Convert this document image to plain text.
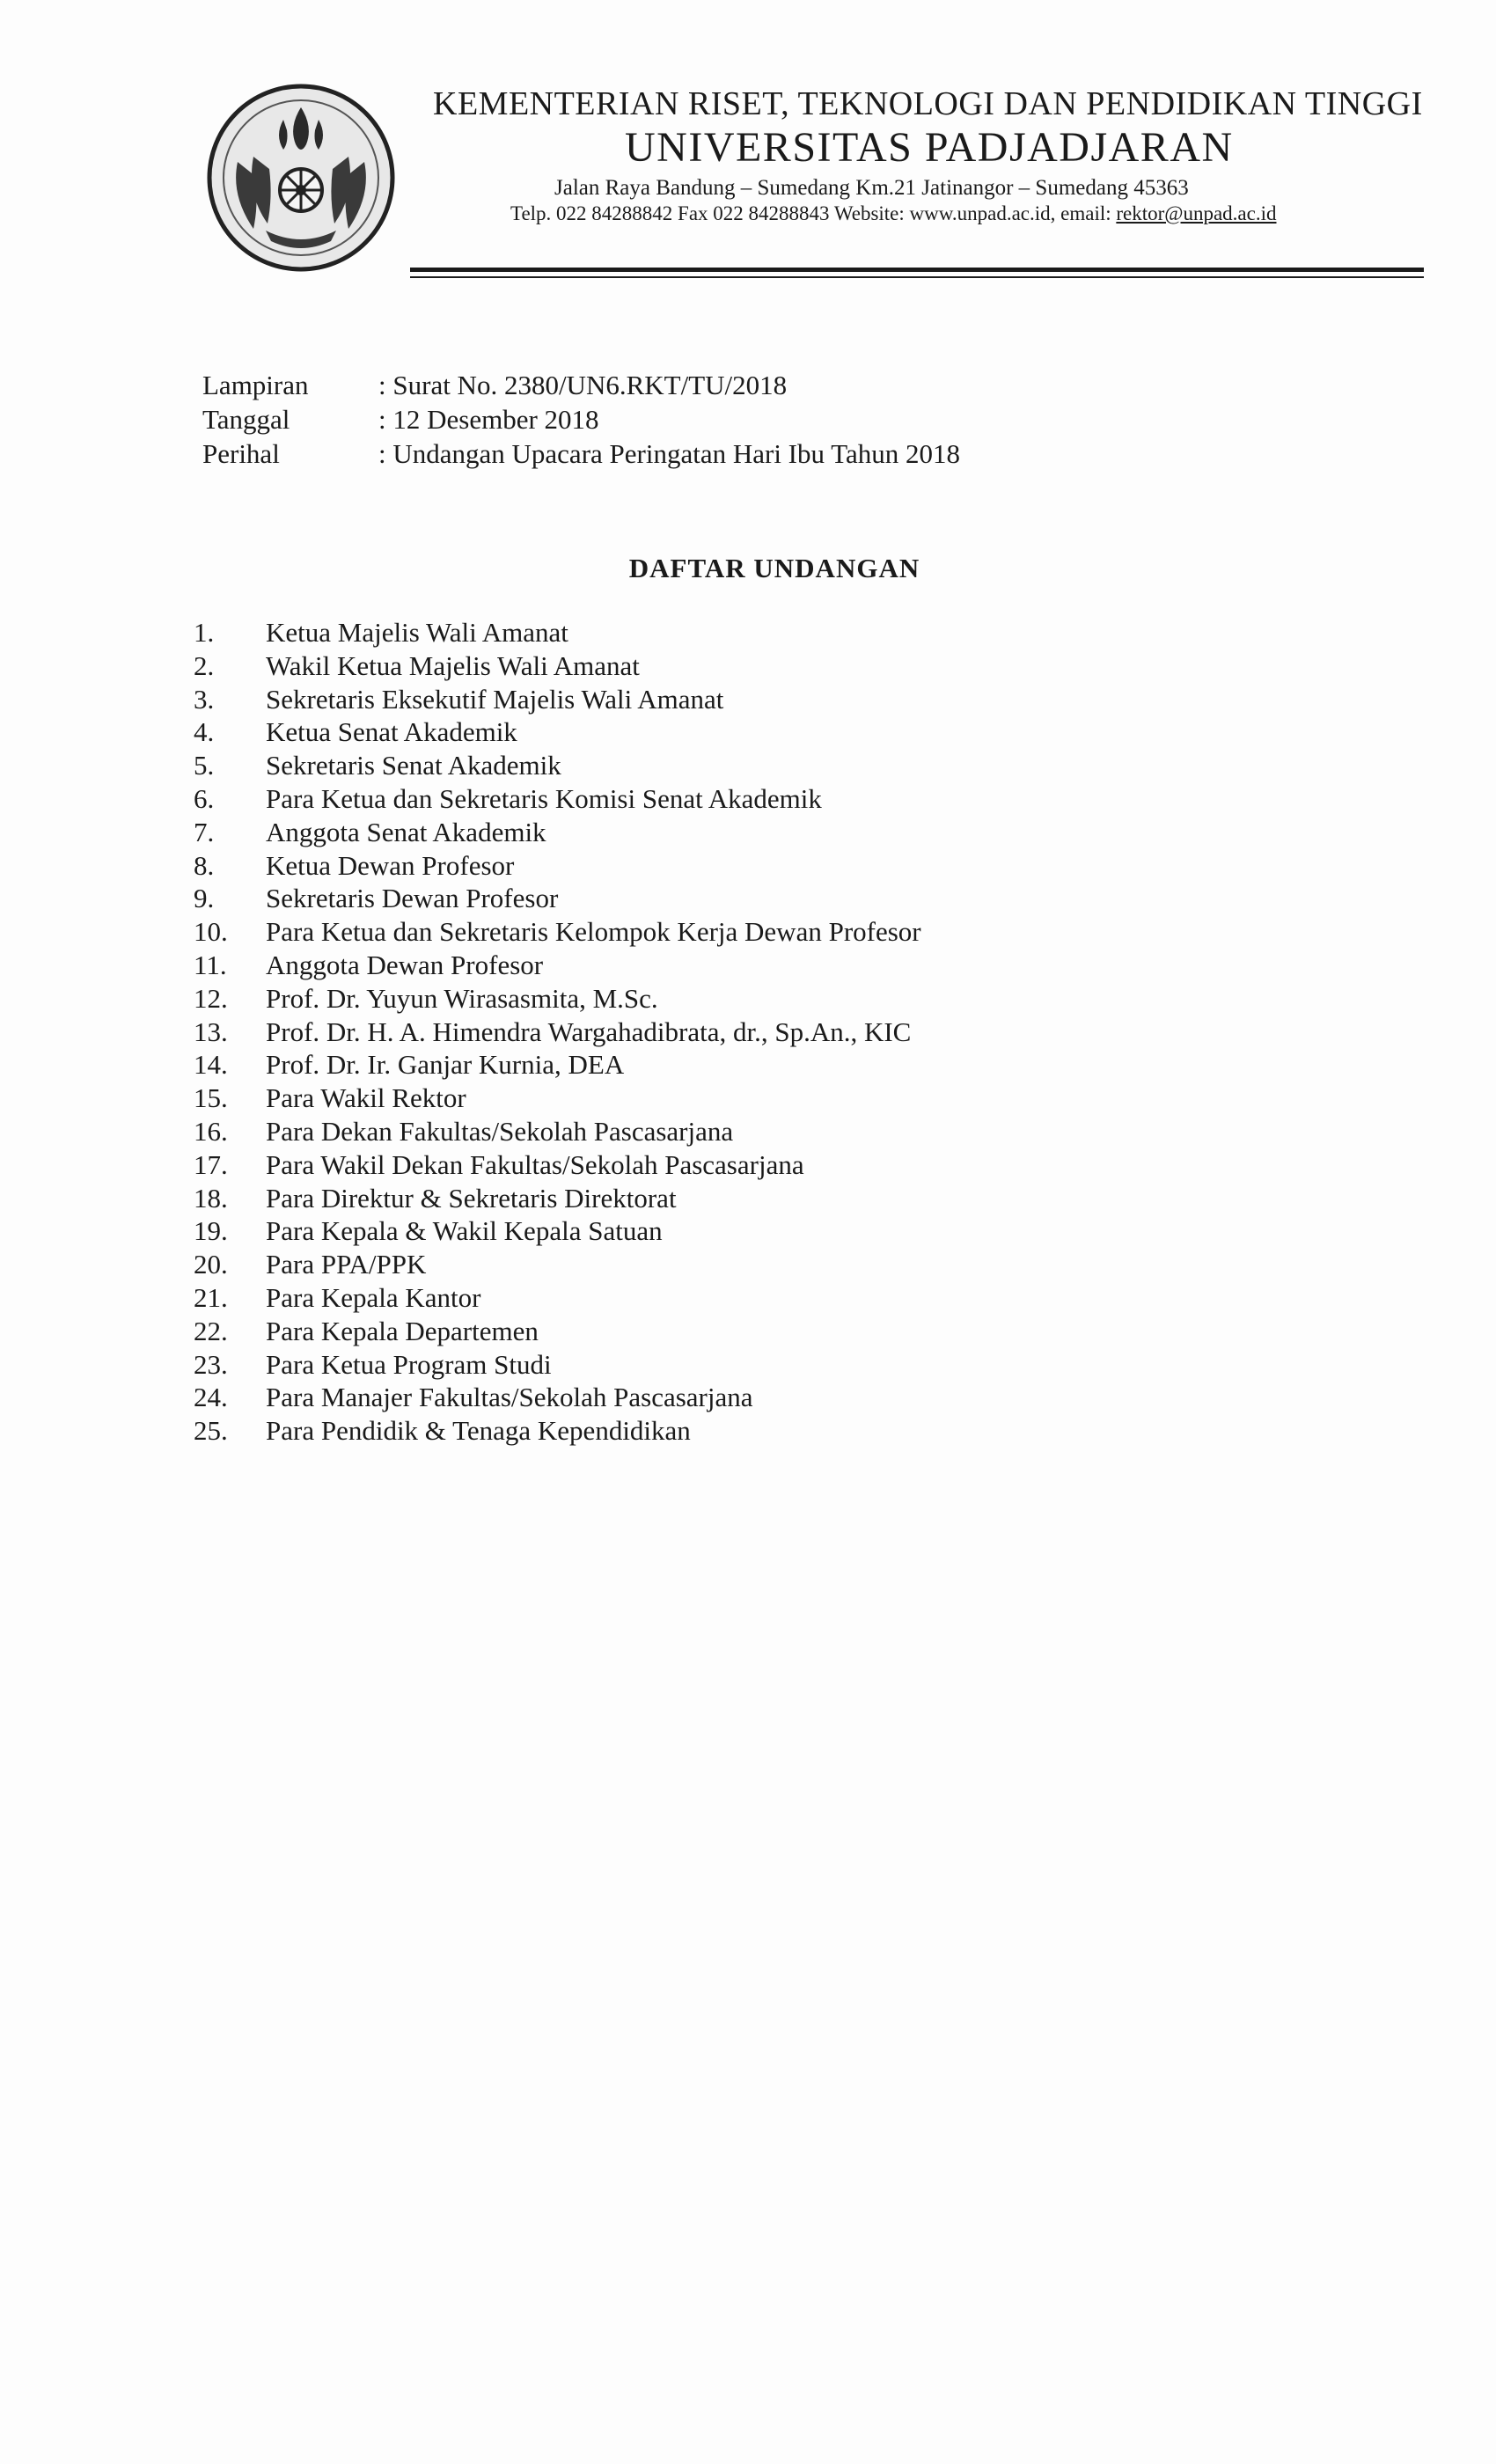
KEMENTERIAN RISET, TEKNOLOGI DAN PENDIDIKAN TINGGI
UNIVERSITAS PADJADJARAN
Jalan Raya Bandung – Sumedang Km.21 Jatinangor – Sumedang 45363
Telp. 022 84288842 Fax 022 84288843 Website: www.unpad.ac.id, email: rektor@unpad.ac.id
Lampiran	: Surat No. 2380/UN6.RKT/TU/2018
Tanggal	: 12 Desember 2018
Perihal	: Undangan Upacara Peringatan Hari Ibu Tahun 2018
DAFTAR UNDANGAN
1.	Ketua Majelis Wali Amanat
2.	Wakil Ketua Majelis Wali Amanat
3.	Sekretaris Eksekutif Majelis Wali Amanat
4.	Ketua Senat Akademik
5.	Sekretaris Senat Akademik
6.	Para Ketua dan Sekretaris Komisi Senat Akademik
7.	Anggota Senat Akademik
8.	Ketua Dewan Profesor
9.	Sekretaris Dewan Profesor
10.	Para Ketua dan Sekretaris Kelompok Kerja Dewan Profesor
11.	Anggota Dewan Profesor
12.	Prof. Dr. Yuyun Wirasasmita, M.Sc.
13.	Prof. Dr. H. A. Himendra Wargahadibrata, dr., Sp.An., KIC
14.	Prof. Dr. Ir. Ganjar Kurnia, DEA
15.	Para Wakil Rektor
16.	Para Dekan Fakultas/Sekolah Pascasarjana
17.	Para Wakil Dekan Fakultas/Sekolah Pascasarjana
18.	Para Direktur & Sekretaris Direktorat
19.	Para Kepala & Wakil Kepala Satuan
20.	Para PPA/PPK
21.	Para Kepala Kantor
22.	Para Kepala Departemen
23.	Para Ketua Program Studi
24.	Para Manajer Fakultas/Sekolah Pascasarjana
25.	Para Pendidik & Tenaga Kependidikan
